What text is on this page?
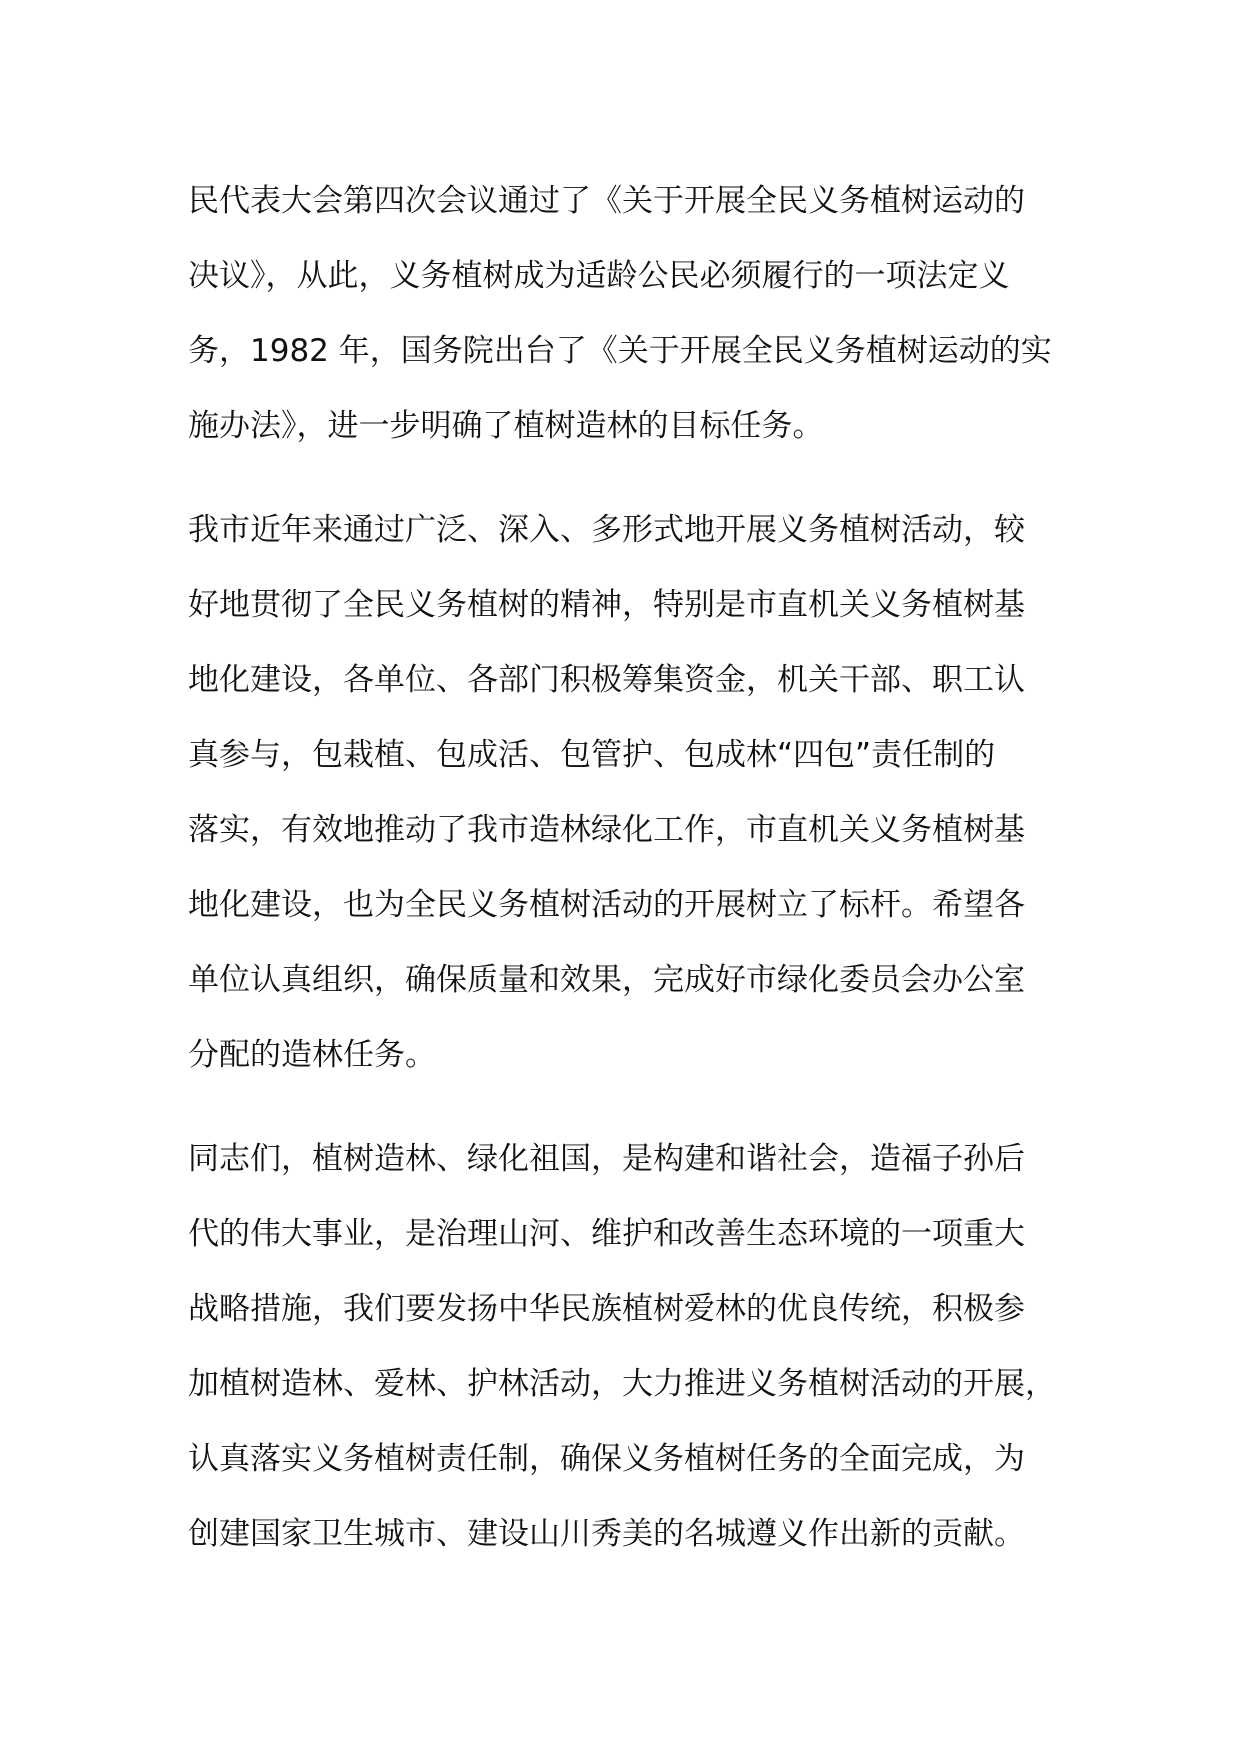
民代表大会第四次会议通过了《关于开展全民义务植树运动的
决议》，从此，义务植树成为适龄公民必须履行的一项法定义
务，1982 年，国务院出台了《关于开展全民义务植树运动的实
施办法》，进一步明确了植树造林的目标任务。
我市近年来通过广泛、深入、多形式地开展义务植树活动，较
好地贯彻了全民义务植树的精神，特别是市直机关义务植树基
地化建设，各单位、各部门积极筹集资金，机关干部、职工认
真参与，包栽植、包成活、包管护、包成林“四包”责任制的
落实，有效地推动了我市造林绿化工作，市直机关义务植树基
地化建设，也为全民义务植树活动的开展树立了标杆。希望各
单位认真组织，确保质量和效果，完成好市绿化委员会办公室
分配的造林任务。
同志们，植树造林、绿化祖国，是构建和谐社会，造福子孙后
代的伟大事业，是治理山河、维护和改善生态环境的一项重大
战略措施，我们要发扬中华民族植树爱林的优良传统，积极参
加植树造林、爱林、护林活动，大力推进义务植树活动的开展，
认真落实义务植树责任制，确保义务植树任务的全面完成，为
创建国家卫生城市、建设山川秀美的名城遵义作出新的贡献。
